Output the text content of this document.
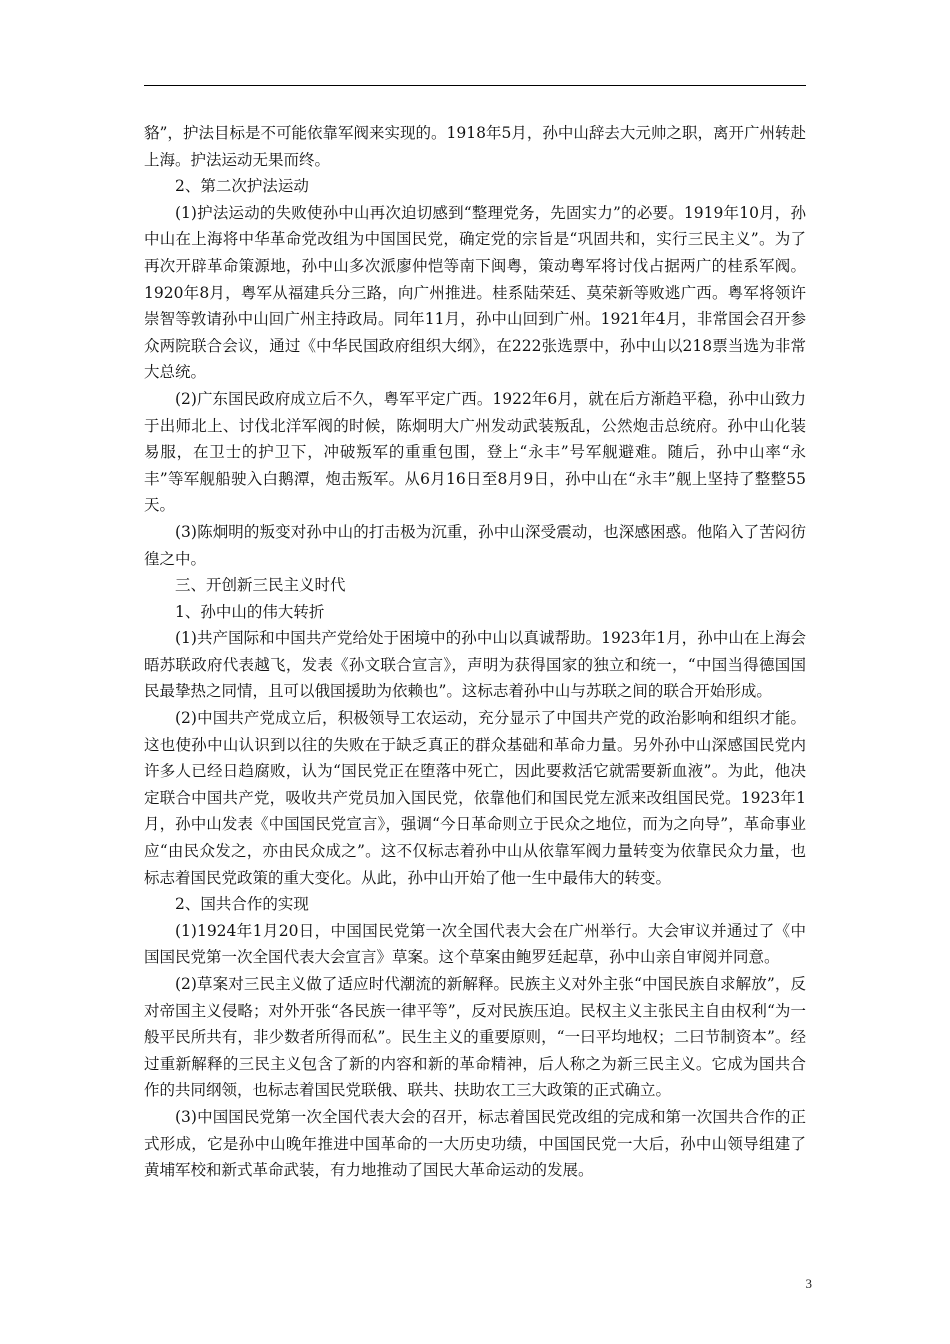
貉”，护法目标是不可能依靠军阀来实现的。1918年5月，孙中山辞去大元帅之职，离开广州转赴上海。护法运动无果而终。

2、第二次护法运动

(1)护法运动的失败使孙中山再次迫切感到“整理党务，先固实力”的必要。1919年10月，孙中山在上海将中华革命党改组为中国国民党，确定党的宗旨是“巩固共和，实行三民主义”。为了再次开辟革命策源地，孙中山多次派廖仲恺等南下闽粤，策动粤军将讨伐占据两广的桂系军阀。1920年8月，粤军从福建兵分三路，向广州推进。桂系陆荣廷、莫荣新等败逃广西。粤军将领许崇智等敦请孙中山回广州主持政局。同年11月，孙中山回到广州。1921年4月，非常国会召开参众两院联合会议，通过《中华民国政府组织大纲》，在222张选票中，孙中山以218票当选为非常大总统。

(2)广东国民政府成立后不久，粤军平定广西。1922年6月，就在后方渐趋平稳，孙中山致力于出师北上、讨伐北洋军阀的时候，陈炯明大广州发动武装叛乱，公然炮击总统府。孙中山化装易服，在卫士的护卫下，冲破叛军的重重包围，登上“永丰”号军舰避难。随后，孙中山率“永丰”等军舰船驶入白鹅潭，炮击叛军。从6月16日至8月9日，孙中山在“永丰”舰上坚持了整整55天。

(3)陈炯明的叛变对孙中山的打击极为沉重，孙中山深受震动，也深感困惑。他陷入了苦闷彷徨之中。

三、开创新三民主义时代

1、孙中山的伟大转折

(1)共产国际和中国共产党给处于困境中的孙中山以真诚帮助。1923年1月，孙中山在上海会晤苏联政府代表越飞，发表《孙文联合宣言》，声明为获得国家的独立和统一，“中国当得德国国民最挚热之同情，且可以俄国援助为依赖也”。这标志着孙中山与苏联之间的联合开始形成。

(2)中国共产党成立后，积极领导工农运动，充分显示了中国共产党的政治影响和组织才能。这也使孙中山认识到以往的失败在于缺乏真正的群众基础和革命力量。另外孙中山深感国民党内许多人已经日趋腐败，认为“国民党正在堕落中死亡，因此要救活它就需要新血液”。为此，他决定联合中国共产党，吸收共产党员加入国民党，依靠他们和国民党左派来改组国民党。1923年1月，孙中山发表《中国国民党宣言》，强调“今日革命则立于民众之地位，而为之向导”，革命事业应“由民众发之，亦由民众成之”。这不仅标志着孙中山从依靠军阀力量转变为依靠民众力量，也标志着国民党政策的重大变化。从此，孙中山开始了他一生中最伟大的转变。

2、国共合作的实现

(1)1924年1月20日，中国国民党第一次全国代表大会在广州举行。大会审议并通过了《中国国民党第一次全国代表大会宣言》草案。这个草案由鲍罗廷起草，孙中山亲自审阅并同意。

(2)草案对三民主义做了适应时代潮流的新解释。民族主义对外主张“中国民族自求解放”，反对帝国主义侵略；对外开张“各民族一律平等”，反对民族压迫。民权主义主张民主自由权利“为一般平民所共有，非少数者所得而私”。民生主义的重要原则，“一曰平均地权；二曰节制资本”。经过重新解释的三民主义包含了新的内容和新的革命精神，后人称之为新三民主义。它成为国共合作的共同纲领，也标志着国民党联俄、联共、扶助农工三大政策的正式确立。

(3)中国国民党第一次全国代表大会的召开，标志着国民党改组的完成和第一次国共合作的正式形成，它是孙中山晚年推进中国革命的一大历史功绩，中国国民党一大后，孙中山领导组建了黄埔军校和新式革命武装，有力地推动了国民大革命运动的发展。

3
